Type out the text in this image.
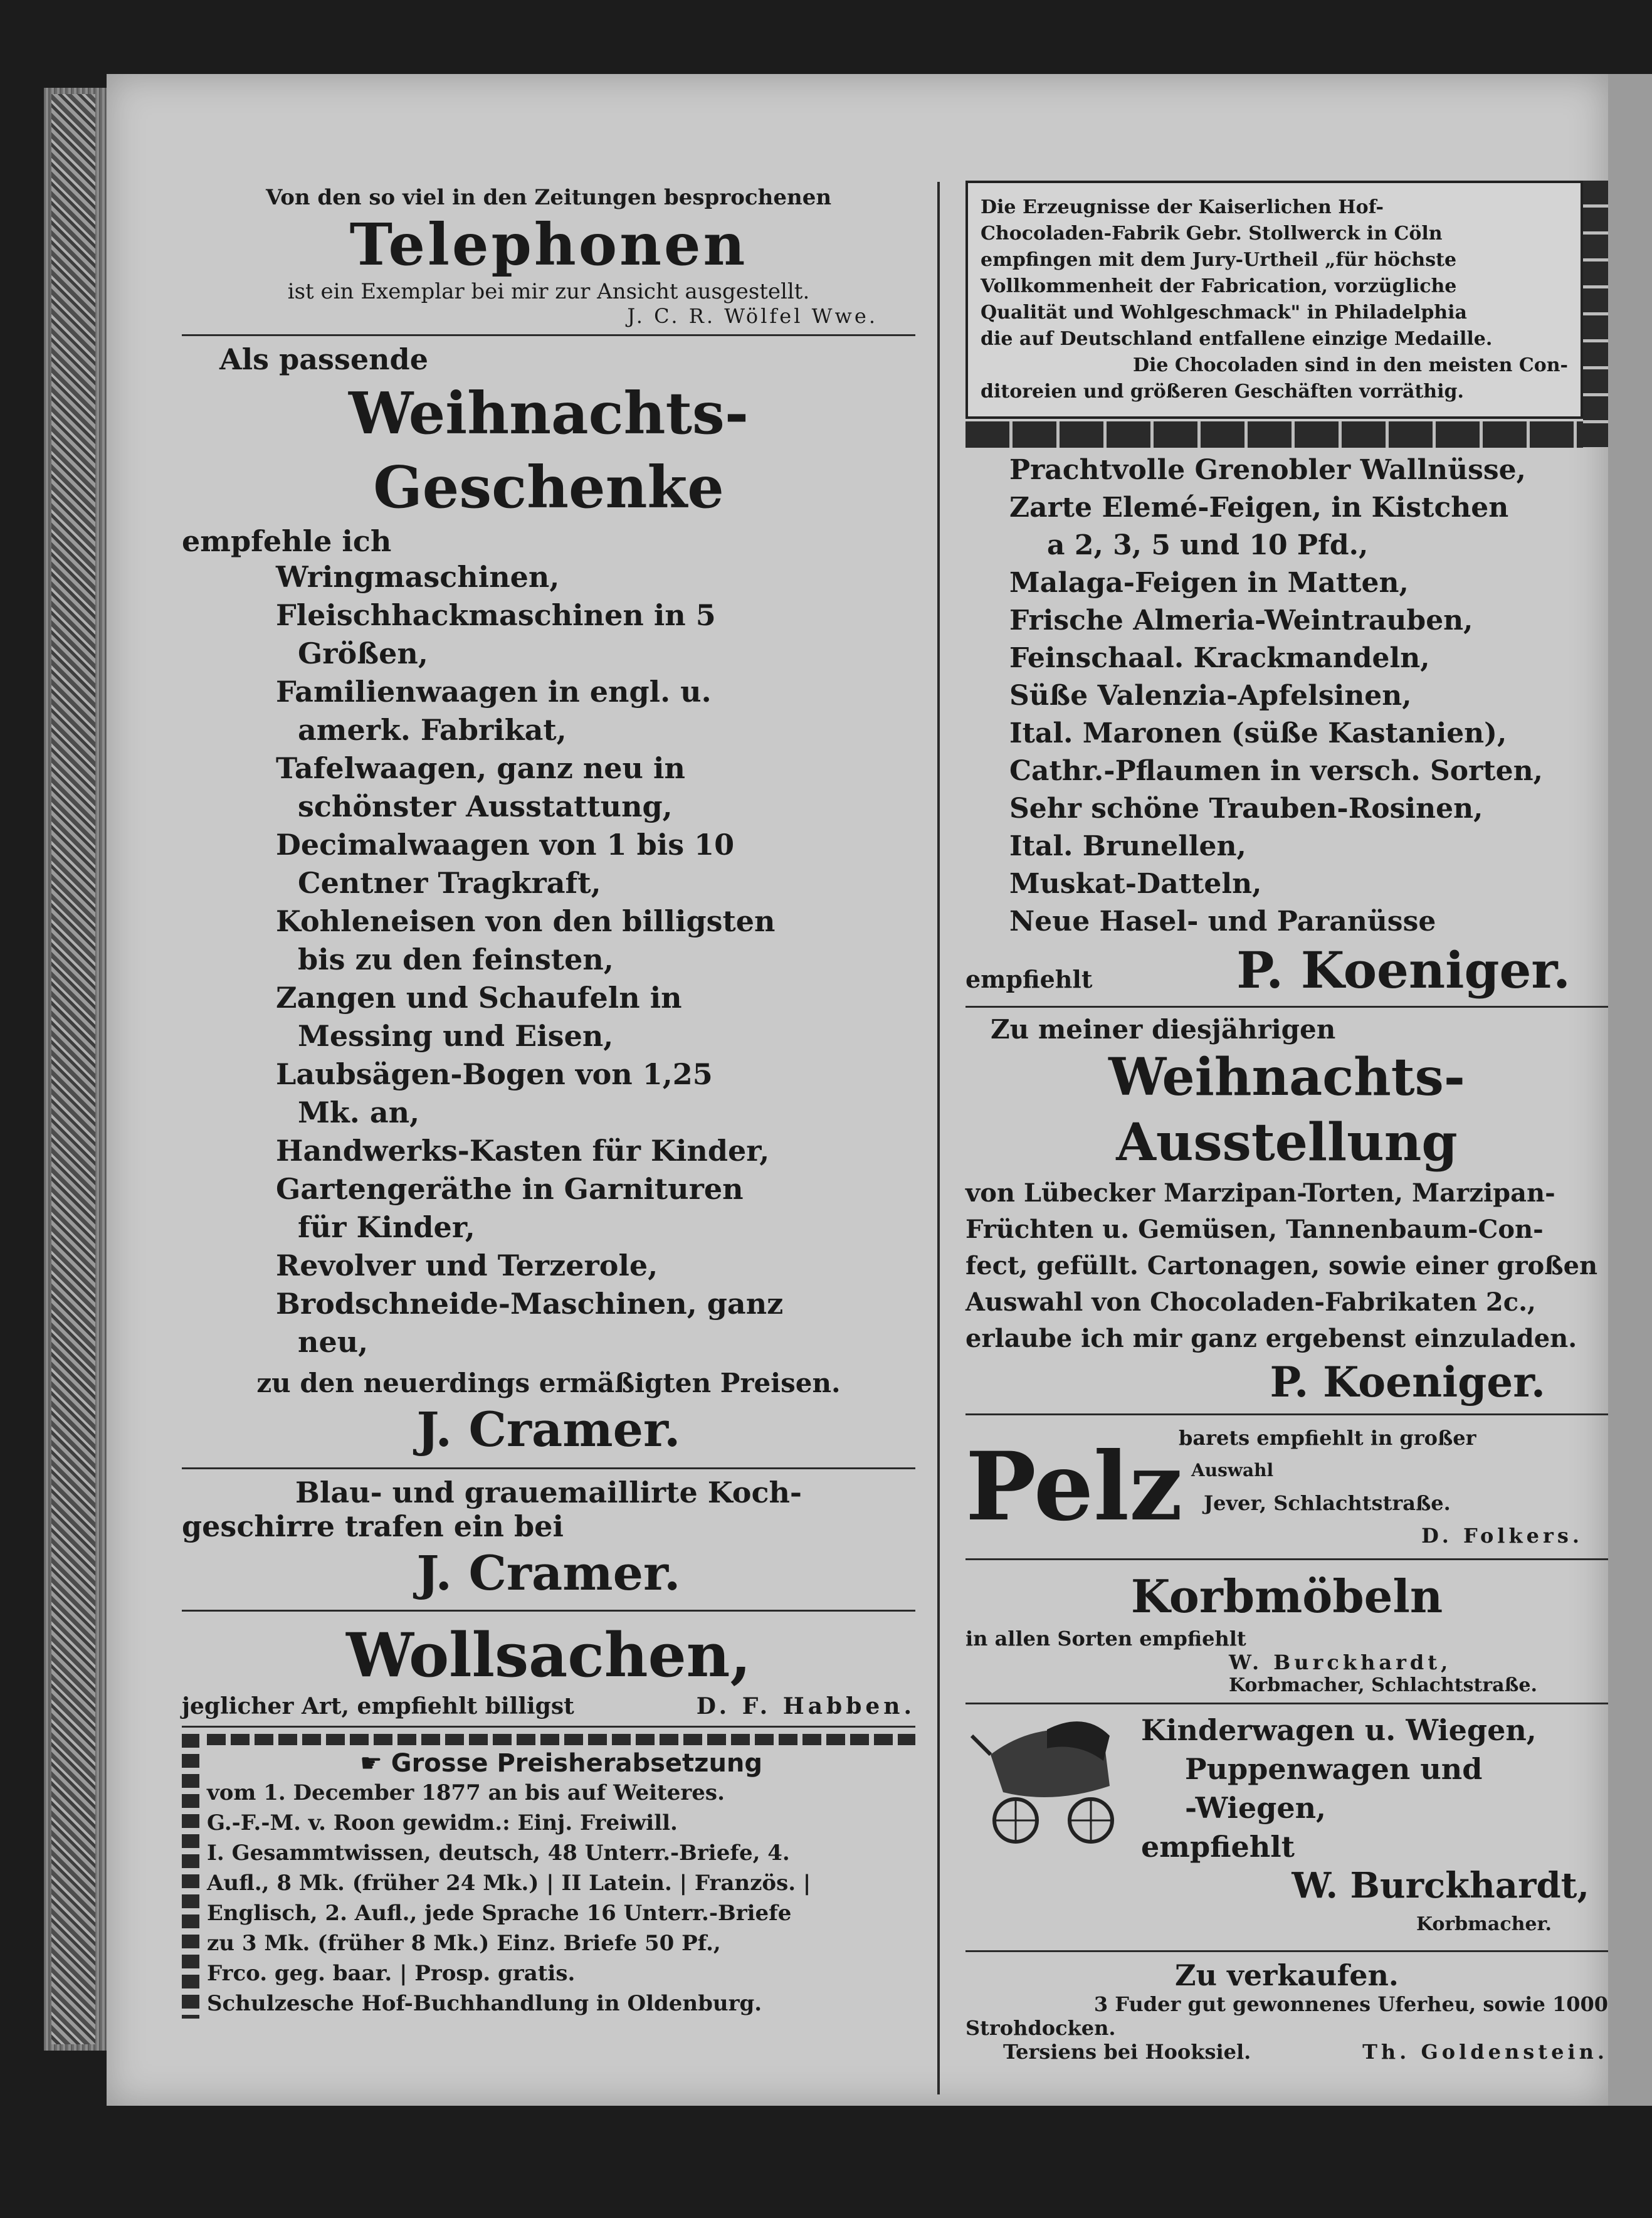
Von den so viel in den Zeitungen besprochenen
Telephonen
ist ein Exemplar bei mir zur Ansicht ausgestellt.
J. C. R. Wölfel Wwe.
Als passende
Weihnachts-Geschenke
empfehle ich
Wringmaschinen,
Fleischhackmaschinen in 5
Größen,
Familienwaagen in engl. u.
amerk. Fabrikat,
Tafelwaagen, ganz neu in
schönster Ausstattung,
Decimalwaagen von 1 bis 10
Centner Tragkraft,
Kohleneisen von den billigsten
bis zu den feinsten,
Zangen und Schaufeln in
Messing und Eisen,
Laubsägen-Bogen von 1,25
Mk. an,
Handwerks-Kasten für Kinder,
Gartengeräthe in Garnituren
für Kinder,
Revolver und Terzerole,
Brodschneide-Maschinen, ganz
neu,
zu den neuerdings ermäßigten Preisen.
J. Cramer.
Blau- und grauemaillirte Koch-
geschirre trafen ein bei
J. Cramer.
Wollsachen,
jeglicher Art, empfiehlt billigst	D. F. Habben.
☛ Grosse Preisherabsetzung
vom 1. December 1877 an bis auf Weiteres.
G.-F.-M. v. Roon gewidm.: Einj. Freiwill.
I. Gesammtwissen, deutsch, 48 Unterr.-Briefe, 4.
Aufl., 8 Mk. (früher 24 Mk.) | II Latein. | Französ. |
Englisch, 2. Aufl., jede Sprache 16 Unterr.-Briefe
zu 3 Mk. (früher 8 Mk.) Einz. Briefe 50 Pf.,
Frco. geg. baar. | Prosp. gratis.
Schulzesche Hof-Buchhandlung in Oldenburg.
Die Erzeugnisse der Kaiserlichen Hof-
Chocoladen-Fabrik Gebr. Stollwerck in Cöln
empfingen mit dem Jury-Urtheil „für höchste
Vollkommenheit der Fabrication, vorzügliche
Qualität und Wohlgeschmack" in Philadelphia
die auf Deutschland entfallene einzige Medaille.
Die Chocoladen sind in den meisten Con-
ditoreien und größeren Geschäften vorräthig.
Prachtvolle Grenobler Wallnüsse,
Zarte Elemé-Feigen, in Kistchen
a 2, 3, 5 und 10 Pfd.,
Malaga-Feigen in Matten,
Frische Almeria-Weintrauben,
Feinschaal. Krackmandeln,
Süße Valenzia-Apfelsinen,
Ital. Maronen (süße Kastanien),
Cathr.-Pflaumen in versch. Sorten,
Sehr schöne Trauben-Rosinen,
Ital. Brunellen,
Muskat-Datteln,
Neue Hasel- und Paranüsse
empfiehlt	P. Koeniger.
Zu meiner diesjährigen
Weihnachts-Ausstellung
von Lübecker Marzipan-Torten, Marzipan-
Früchten u. Gemüsen, Tannenbaum-Con-
fect, gefüllt. Cartonagen, sowie einer großen
Auswahl von Chocoladen-Fabrikaten 2c.,
erlaube ich mir ganz ergebenst einzuladen.
P. Koeniger.
Pelz
barets empfiehlt in großer
Auswahl
Jever, Schlachtstraße.
D. Folkers.
Korbmöbeln
in allen Sorten empfiehlt
W. Burckhardt,
Korbmacher, Schlachtstraße.
Kinderwagen u. Wiegen,
Puppenwagen und
-Wiegen,
empfiehlt
W. Burckhardt,
Korbmacher.
Zu verkaufen.
3 Fuder gut gewonnenes Uferheu, sowie 1000
Strohdocken.
Tersiens bei Hooksiel.	Th. Goldenstein.
